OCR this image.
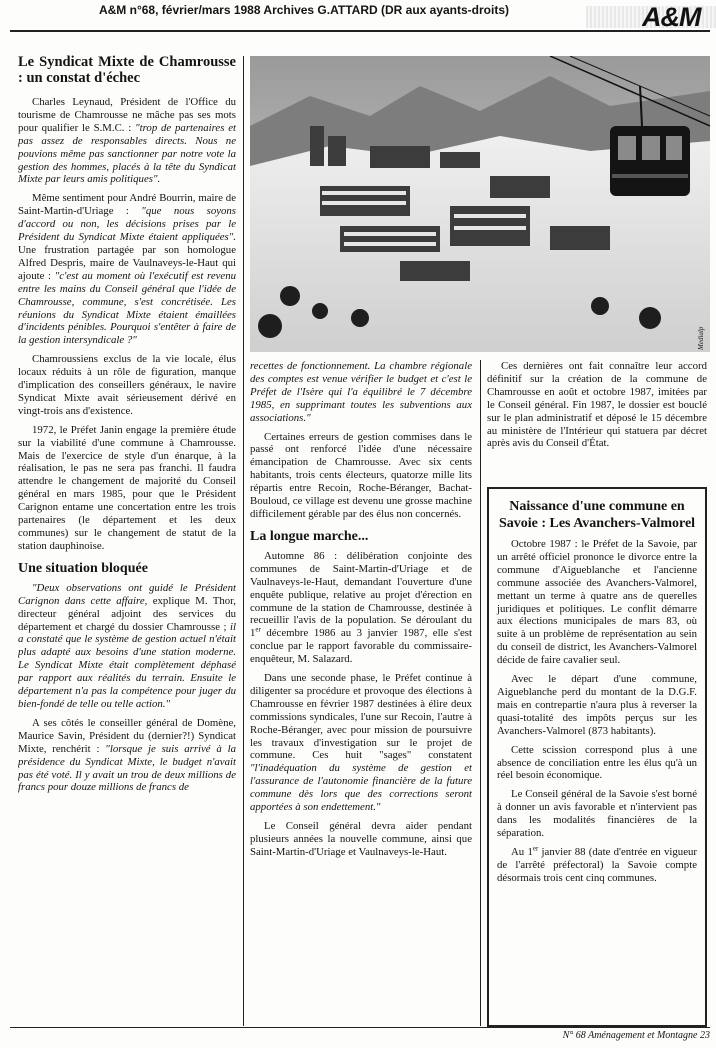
A&M n°68, février/mars 1988 Archives G.ATTARD (DR aux ayants-droits)	A&M
Medialp
Le Syndicat Mixte de Chamrousse : un constat d'échec

Charles Leynaud, Président de l'Office du tourisme de Chamrousse ne mâche pas ses mots pour qualifier le S.M.C. : "trop de partenaires et pas assez de responsables directs. Nous ne pouvions même pas sanctionner par notre vote la gestion des hommes, placés à la tête du Syndicat Mixte par leurs amis politiques".

Même sentiment pour André Bourrin, maire de Saint-Martin-d'Uriage : "que nous soyons d'accord ou non, les décisions prises par le Président du Syndicat Mixte étaient appliquées". Une frustration partagée par son homologue Alfred Despris, maire de Vaulnaveys-le-Haut qui ajoute : "c'est au moment où l'exécutif est revenu entre les mains du Conseil général que l'idée de Chamrousse, commune, s'est concrétisée. Les réunions du Syndicat Mixte étaient émaillées d'incidents pénibles. Pourquoi s'entêter à faire de la gestion intersyndicale ?"

Chamroussiens exclus de la vie locale, élus locaux réduits à un rôle de figuration, manque d'implication des conseillers généraux, le navire Syndicat Mixte avait sérieusement dérivé en vingt-trois ans d'existence.

1972, le Préfet Janin engage la première étude sur la viabilité d'une commune à Chamrousse. Mais de l'exercice de style d'un énarque, à la réalisation, le pas ne sera pas franchi. Il faudra attendre le changement de majorité du Conseil général en mars 1985, pour que le Président Carignon entame une concertation entre les trois partenaires (le département et les deux communes) sur le changement de statut de la station dauphinoise.

Une situation bloquée

"Deux observations ont guidé le Président Carignon dans cette affaire, explique M. Thor, directeur général adjoint des services du département et chargé du dossier Chamrousse ; il a constaté que le système de gestion actuel n'était plus adapté aux besoins d'une station moderne. Le Syndicat Mixte était complètement déphasé par rapport aux réalités du terrain. Ensuite le département n'a pas la compétence pour juger du bien-fondé de telle ou telle action."

A ses côtés le conseiller général de Domène, Maurice Savin, Président du (dernier?!) Syndicat Mixte, renchérit : "lorsque je suis arrivé à la présidence du Syndicat Mixte, le budget n'avait pas été voté. Il y avait un trou de deux millions de francs pour douze millions de francs de

recettes de fonctionnement. La chambre régionale des comptes est venue vérifier le budget et c'est le Préfet de l'Isère qui l'a équilibré le 7 décembre 1985, en supprimant toutes les subventions aux associations."

Certaines erreurs de gestion commises dans le passé ont renforcé l'idée d'une nécessaire émancipation de Chamrousse. Avec six cents habitants, trois cents électeurs, quatorze mille lits répartis entre Recoin, Roche-Béranger, Bachat-Bouloud, ce village est devenu une grosse machine difficilement gérable par des élus non concernés.

La longue marche...

Automne 86 : délibération conjointe des communes de Saint-Martin-d'Uriage et de Vaulnaveys-le-Haut, demandant l'ouverture d'une enquête publique, relative au projet d'érection en commune de la station de Chamrousse, destinée à recueillir l'avis de la population. Se déroulant du 1er décembre 1986 au 3 janvier 1987, elle s'est conclue par le rapport favorable du commissaire-enquêteur, M. Salazard.

Dans une seconde phase, le Préfet continue à diligenter sa procédure et provoque des élections à Chamrousse en février 1987 destinées à élire deux commissions syndicales, l'une sur Recoin, l'autre à Roche-Béranger, avec pour mission de poursuivre les travaux d'investigation sur le projet de commune. Ces huit "sages" constatent "l'inadéquation du système de gestion et l'assurance de l'autonomie financière de la future commune dès lors que des corrections seront apportées à son endettement."

Le Conseil général devra aider pendant plusieurs années la nouvelle commune, ainsi que Saint-Martin-d'Uriage et Vaulnaveys-le-Haut.

Ces dernières ont fait connaître leur accord définitif sur la création de la commune de Chamrousse en août et octobre 1987, imitées par le Conseil général. Fin 1987, le dossier est bouclé sur le plan administratif et déposé le 15 décembre au ministère de l'Intérieur qui statuera par décret après avis du Conseil d'État.

Naissance d'une commune en Savoie : Les Avanchers-Valmorel

Octobre 1987 : le Préfet de la Savoie, par un arrêté officiel prononce le divorce entre la commune d'Aigueblanche et l'ancienne commune associée des Avanchers-Valmorel, mettant un terme à quatre ans de querelles juridiques et politiques. Le conflit démarre aux élections municipales de mars 83, où suite à un problème de représentation au sein du conseil de district, les Avanchers-Valmorel décide de faire cavalier seul.

Avec le départ d'une commune, Aigueblanche perd du montant de la D.G.F. mais en contrepartie n'aura plus à reverser la quasi-totalité des impôts perçus sur les Avanchers-Valmorel (873 habitants).

Cette scission correspond plus à une absence de conciliation entre les élus qu'à un réel besoin économique.

Le Conseil général de la Savoie s'est borné à donner un avis favorable et n'intervient pas dans les modalités financières de la séparation.

Au 1er janvier 88 (date d'entrée en vigueur de l'arrêté préfectoral) la Savoie compte désormais trois cent cinq communes.

N° 68 Aménagement et Montagne 23
